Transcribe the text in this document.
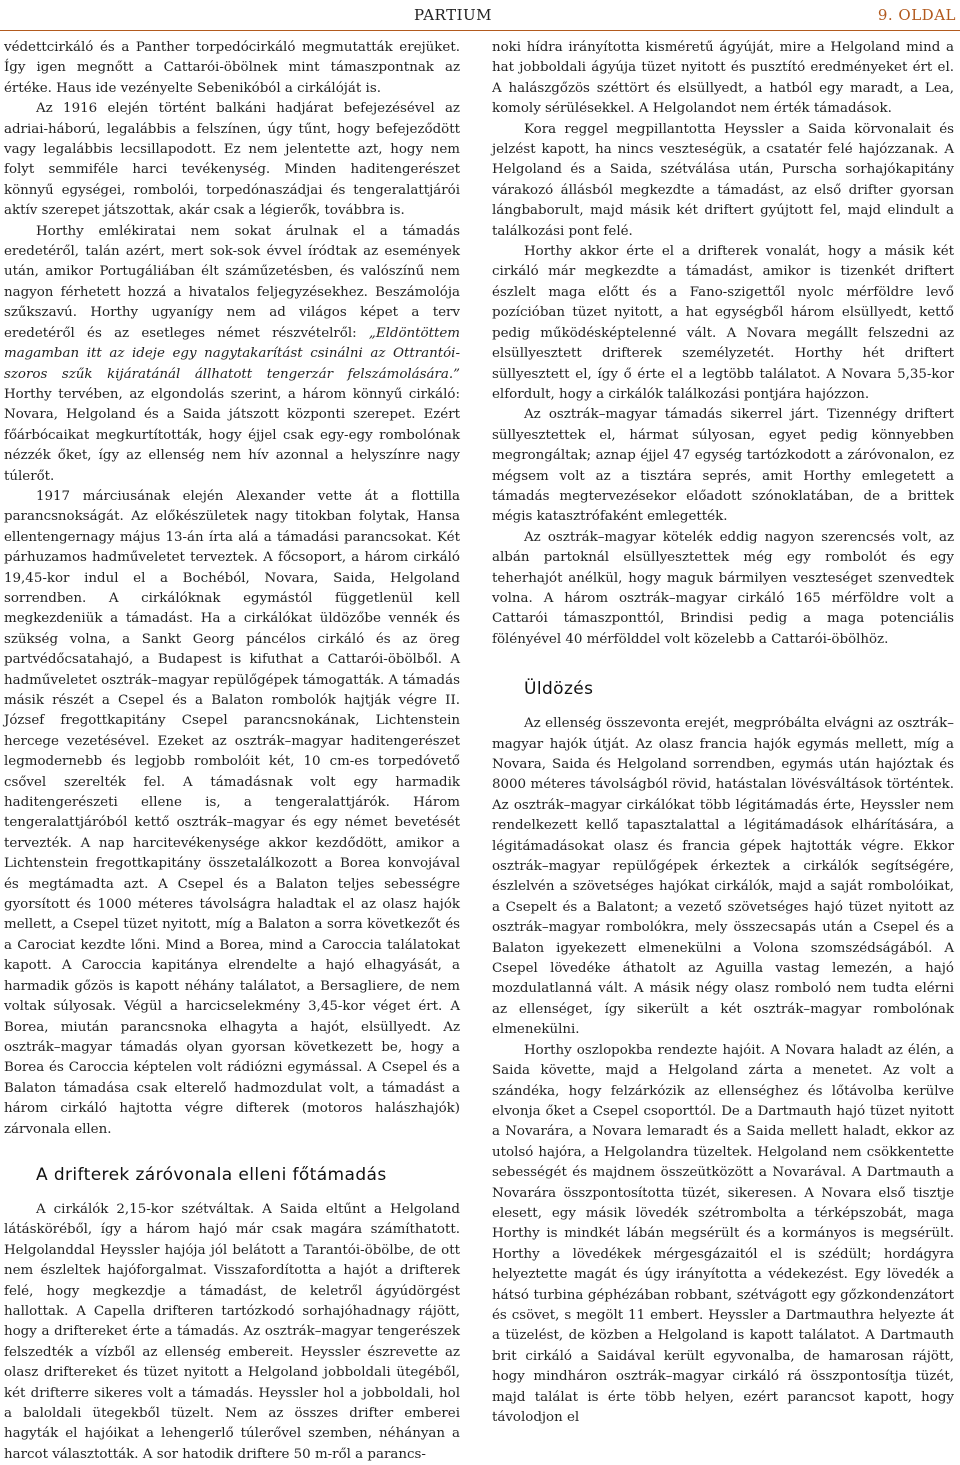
PARTIUM	9. OLDAL

védettcirkáló és a Panther torpedócirkáló megmutatták erejüket. Így igen megnőtt a Cattarói-öbölnek mint támaszpontnak az értéke. Haus ide vezényelte Sebenikóból a cirkálóját is.

Az 1916 elején történt balkáni hadjárat befejezésével az adriai-háború, legalábbis a felszínen, úgy tűnt, hogy befejeződött vagy legalábbis lecsillapodott. Ez nem jelentette azt, hogy nem folyt semmiféle harci tevékenység. Minden haditengerészet könnyű egységei, rombolói, torpedónaszádjai és tengeralattjárói aktív szerepet játszottak, akár csak a légierők, továbbra is.

Horthy emlékiratai nem sokat árulnak el a támadás eredetéről, talán azért, mert sok-sok évvel íródtak az események után, amikor Portugáliában élt száműzetésben, és valószínű nem nagyon férhetett hozzá a hivatalos feljegyzésekhez. Beszámolója szűkszavú. Horthy ugyanígy nem ad világos képet a terv eredetéről és az esetleges német részvételről: „Eldöntöttem magamban itt az ideje egy nagytakarítást csinálni az Ottrantói-szoros szűk kijáratánál állhatott tengerzár felszámolására.” Horthy tervében, az elgondolás szerint, a három könnyű cirkáló: Novara, Helgoland és a Saida játszott központi szerepet. Ezért főárbócaikat megkurtították, hogy éjjel csak egy-egy rombolónak nézzék őket, így az ellenség nem hív azonnal a helyszínre nagy túlerőt.

1917 márciusának elején Alexander vette át a flottilla parancsnokságát. Az előkészületek nagy titokban folytak, Hansa ellentengernagy május 13-án írta alá a támadási parancsokat. Két párhuzamos hadműveletet terveztek. A főcsoport, a három cirkáló 19,45-kor indul el a Bochéból, Novara, Saida, Helgoland sorrendben. A cirkálóknak egymástól függetlenül kell megkezdeniük a támadást. Ha a cirkálókat üldözőbe vennék és szükség volna, a Sankt Georg páncélos cirkáló és az öreg partvédőcsatahajó, a Budapest is kifuthat a Cattarói-öbölből. A hadműveletet osztrák–magyar repülőgépek támogatták. A támadás másik részét a Csepel és a Balaton rombolók hajtják végre II. József fregottkapitány Csepel parancsnokának, Lichtenstein hercege vezetésével. Ezeket az osztrák–magyar haditengerészet legmodernebb és legjobb rombolóit két, 10 cm-es torpedóvető csővel szerelték fel. A támadásnak volt egy harmadik haditengerészeti ellene is, a tengeralattjárók. Három tengeralattjáróból kettő osztrák–magyar és egy német bevetését tervezték. A nap harcitevékenysége akkor kezdődött, amikor a Lichtenstein fregottkapitány összetalálkozott a Borea konvojával és megtámadta azt. A Csepel és a Balaton teljes sebességre gyorsított és 1000 méteres távolságra haladtak el az olasz hajók mellett, a Csepel tüzet nyitott, míg a Balaton a sorra következőt és a Carociat kezdte lőni. Mind a Borea, mind a Caroccia találatokat kapott. A Caroccia kapitánya elrendelte a hajó elhagyását, a harmadik gőzös is kapott néhány találatot, a Bersagliere, de nem voltak súlyosak. Végül a harcicselekmény 3,45-kor véget ért. A Borea, miután parancsnoka elhagyta a hajót, elsüllyedt. Az osztrák–magyar támadás olyan gyorsan következett be, hogy a Borea és Caroccia képtelen volt rádiózni egymással. A Csepel és a Balaton támadása csak elterelő hadmozdulat volt, a támadást a három cirkáló hajtotta végre difterek (motoros halászhajók) zárvonala ellen.

A drifterek záróvonala elleni főtámadás

A cirkálók 2,15-kor szétváltak. A Saida eltűnt a Helgoland látásköréből, így a három hajó már csak magára számíthatott. Helgolanddal Heyssler hajója jól belátott a Tarantói-öbölbe, de ott nem észleltek hajóforgalmat. Visszafordította a hajót a drifterek felé, hogy megkezdje a támadást, de keletről ágyúdörgést hallottak. A Capella drifteren tartózkodó sorhajóhadnagy rájött, hogy a driftereket érte a támadás. Az osztrák–magyar tengerészek felszedték a vízből az ellenség embereit. Heyssler észrevette az olasz driftereket és tüzet nyitott a Helgoland jobboldali ütegéből, két drifterre sikeres volt a támadás. Heyssler hol a jobboldali, hol a baloldali ütegekből tüzelt. Nem az összes drifter emberei hagyták el hajóikat a lehengerlő túlerővel szemben, néhányan a harcot választották. A sor hatodik driftere 50 m-ről a parancs-

noki hídra irányította kisméretű ágyúját, mire a Helgoland mind a hat jobboldali ágyúja tüzet nyitott és pusztító eredményeket ért el. A halászgőzös széttört és elsüllyedt, a hatból egy maradt, a Lea, komoly sérülésekkel. A Helgolandot nem érték támadások.

Kora reggel megpillantotta Heyssler a Saida körvonalait és jelzést kapott, ha nincs veszteségük, a csatatér felé hajózzanak. A Helgoland és a Saida, szétválása után, Purscha sorhajókapitány várakozó állásból megkezdte a támadást, az első drifter gyorsan lángbaborult, majd másik két driftert gyújtott fel, majd elindult a találkozási pont felé.

Horthy akkor érte el a drifterek vonalát, hogy a másik két cirkáló már megkezdte a támadást, amikor is tizenkét driftert észlelt maga előtt és a Fano-szigettől nyolc mérföldre levő pozícióban tüzet nyitott, a hat egységből három elsüllyedt, kettő pedig működésképtelenné vált. A Novara megállt felszedni az elsüllyesztett drifterek személyzetét. Horthy hét driftert süllyesztett el, így ő érte el a legtöbb találatot. A Novara 5,35-kor elfordult, hogy a cirkálók találkozási pontjára hajózzon.

Az osztrák–magyar támadás sikerrel járt. Tizennégy driftert süllyesztettek el, hármat súlyosan, egyet pedig könnyebben megrongáltak; aznap éjjel 47 egység tartózkodott a záróvonalon, ez mégsem volt az a tisztára seprés, amit Horthy emlegetett a támadás megtervezésekor előadott szónoklatában, de a brittek mégis katasztrófaként emlegették.

Az osztrák–magyar kötelék eddig nagyon szerencsés volt, az albán partoknál elsüllyesztettek még egy rombolót és egy teherhajót anélkül, hogy maguk bármilyen veszteséget szenvedtek volna. A három osztrák–magyar cirkáló 165 mérföldre volt a Cattarói támaszponttól, Brindisi pedig a maga potenciális fölényével 40 mérfölddel volt közelebb a Cattarói-öbölhöz.

Üldözés

Az ellenség összevonta erejét, megpróbálta elvágni az osztrák–magyar hajók útját. Az olasz francia hajók egymás mellett, míg a Novara, Saida és Helgoland sorrendben, egymás után hajóztak és 8000 méteres távolságból rövid, hatástalan lövésváltások történtek. Az osztrák–magyar cirkálókat több légitámadás érte, Heyssler nem rendelkezett kellő tapasztalattal a légitámadások elhárítására, a légitámadásokat olasz és francia gépek hajtották végre. Ekkor osztrák–magyar repülőgépek érkeztek a cirkálók segítségére, észlelvén a szövetséges hajókat cirkálók, majd a saját rombolóikat, a Csepelt és a Balatont; a vezető szövetséges hajó tüzet nyitott az osztrák–magyar rombolókra, mely összecsapás után a Csepel és a Balaton igyekezett elmenekülni a Volona szomszédságából. A Csepel lövedéke áthatolt az Aguilla vastag lemezén, a hajó mozdulatlanná vált. A másik négy olasz romboló nem tudta elérni az ellenséget, így sikerült a két osztrák–magyar rombolónak elmenekülni.

Horthy oszlopokba rendezte hajóit. A Novara haladt az élén, a Saida követte, majd a Helgoland zárta a menetet. Az volt a szándéka, hogy felzárkózik az ellenséghez és lőtávolba kerülve elvonja őket a Csepel csoporttól. De a Dartmauth hajó tüzet nyitott a Novarára, a Novara lemaradt és a Saida mellett haladt, ekkor az utolsó hajóra, a Helgolandra tüzeltek. Helgoland nem csökkentette sebességét és majdnem összeütközött a Novarával. A Dartmauth a Novarára összpontosította tüzét, sikeresen. A Novara első tisztje elesett, egy másik lövedék szétrombolta a térképszobát, maga Horthy is mindkét lábán megsérült és a kormányos is megsérült. Horthy a lövedékek mérgesgázaitól el is szédült; hordágyra helyeztette magát és úgy irányította a védekezést. Egy lövedék a hátsó turbina géphézában robbant, szétvágott egy gőzkondenzátort és csövet, s megölt 11 embert. Heyssler a Dartmauthra helyezte át a tüzelést, de közben a Helgoland is kapott találatot. A Dartmauth brit cirkáló a Saidával került egyvonalba, de hamarosan rájött, hogy mindháron osztrák–magyar cirkáló rá összpontosítja tüzét, majd találat is érte több helyen, ezért parancsot kapott, hogy távolodjon el
